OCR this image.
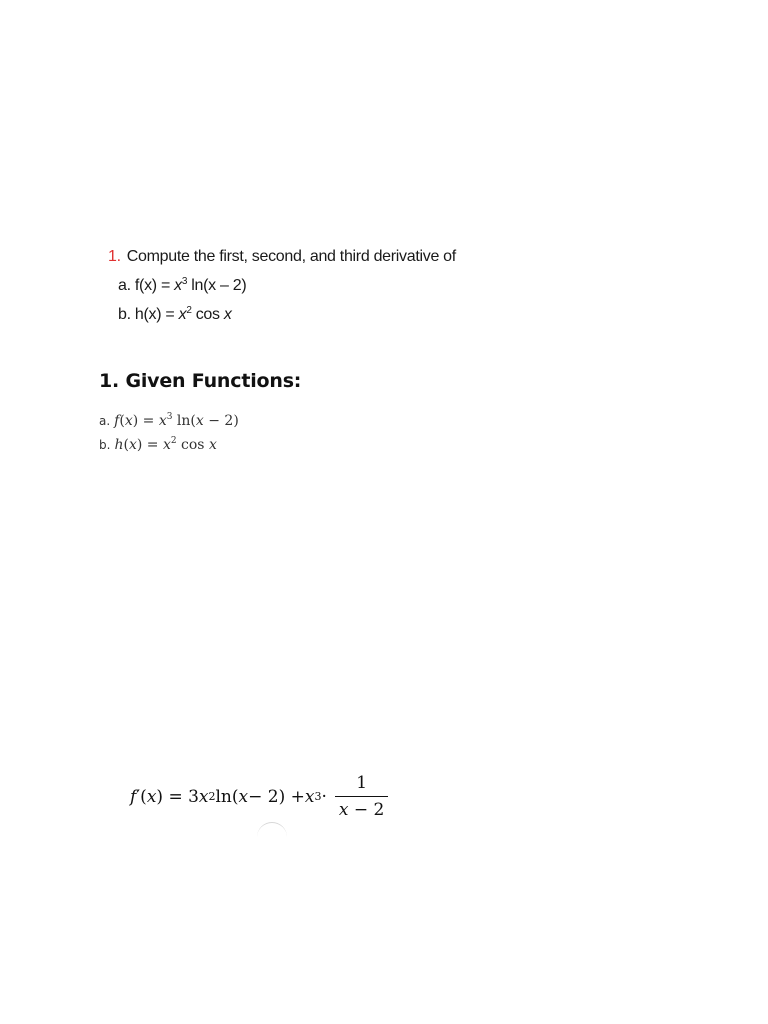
1. Compute the first, second, and third derivative of
a. $f(x) = x^3$ ln(x – 2)
b. $h(x) = x^2$ cos x
1. Given Functions:
a. $f(x) = x^3$ ln(x − 2)
b. $h(x) = x^2$ cos x
f ′ ( x ) = 3 x 2 ln( x − 2) + x $3 \cdot \frac{1}{x - 2}$
